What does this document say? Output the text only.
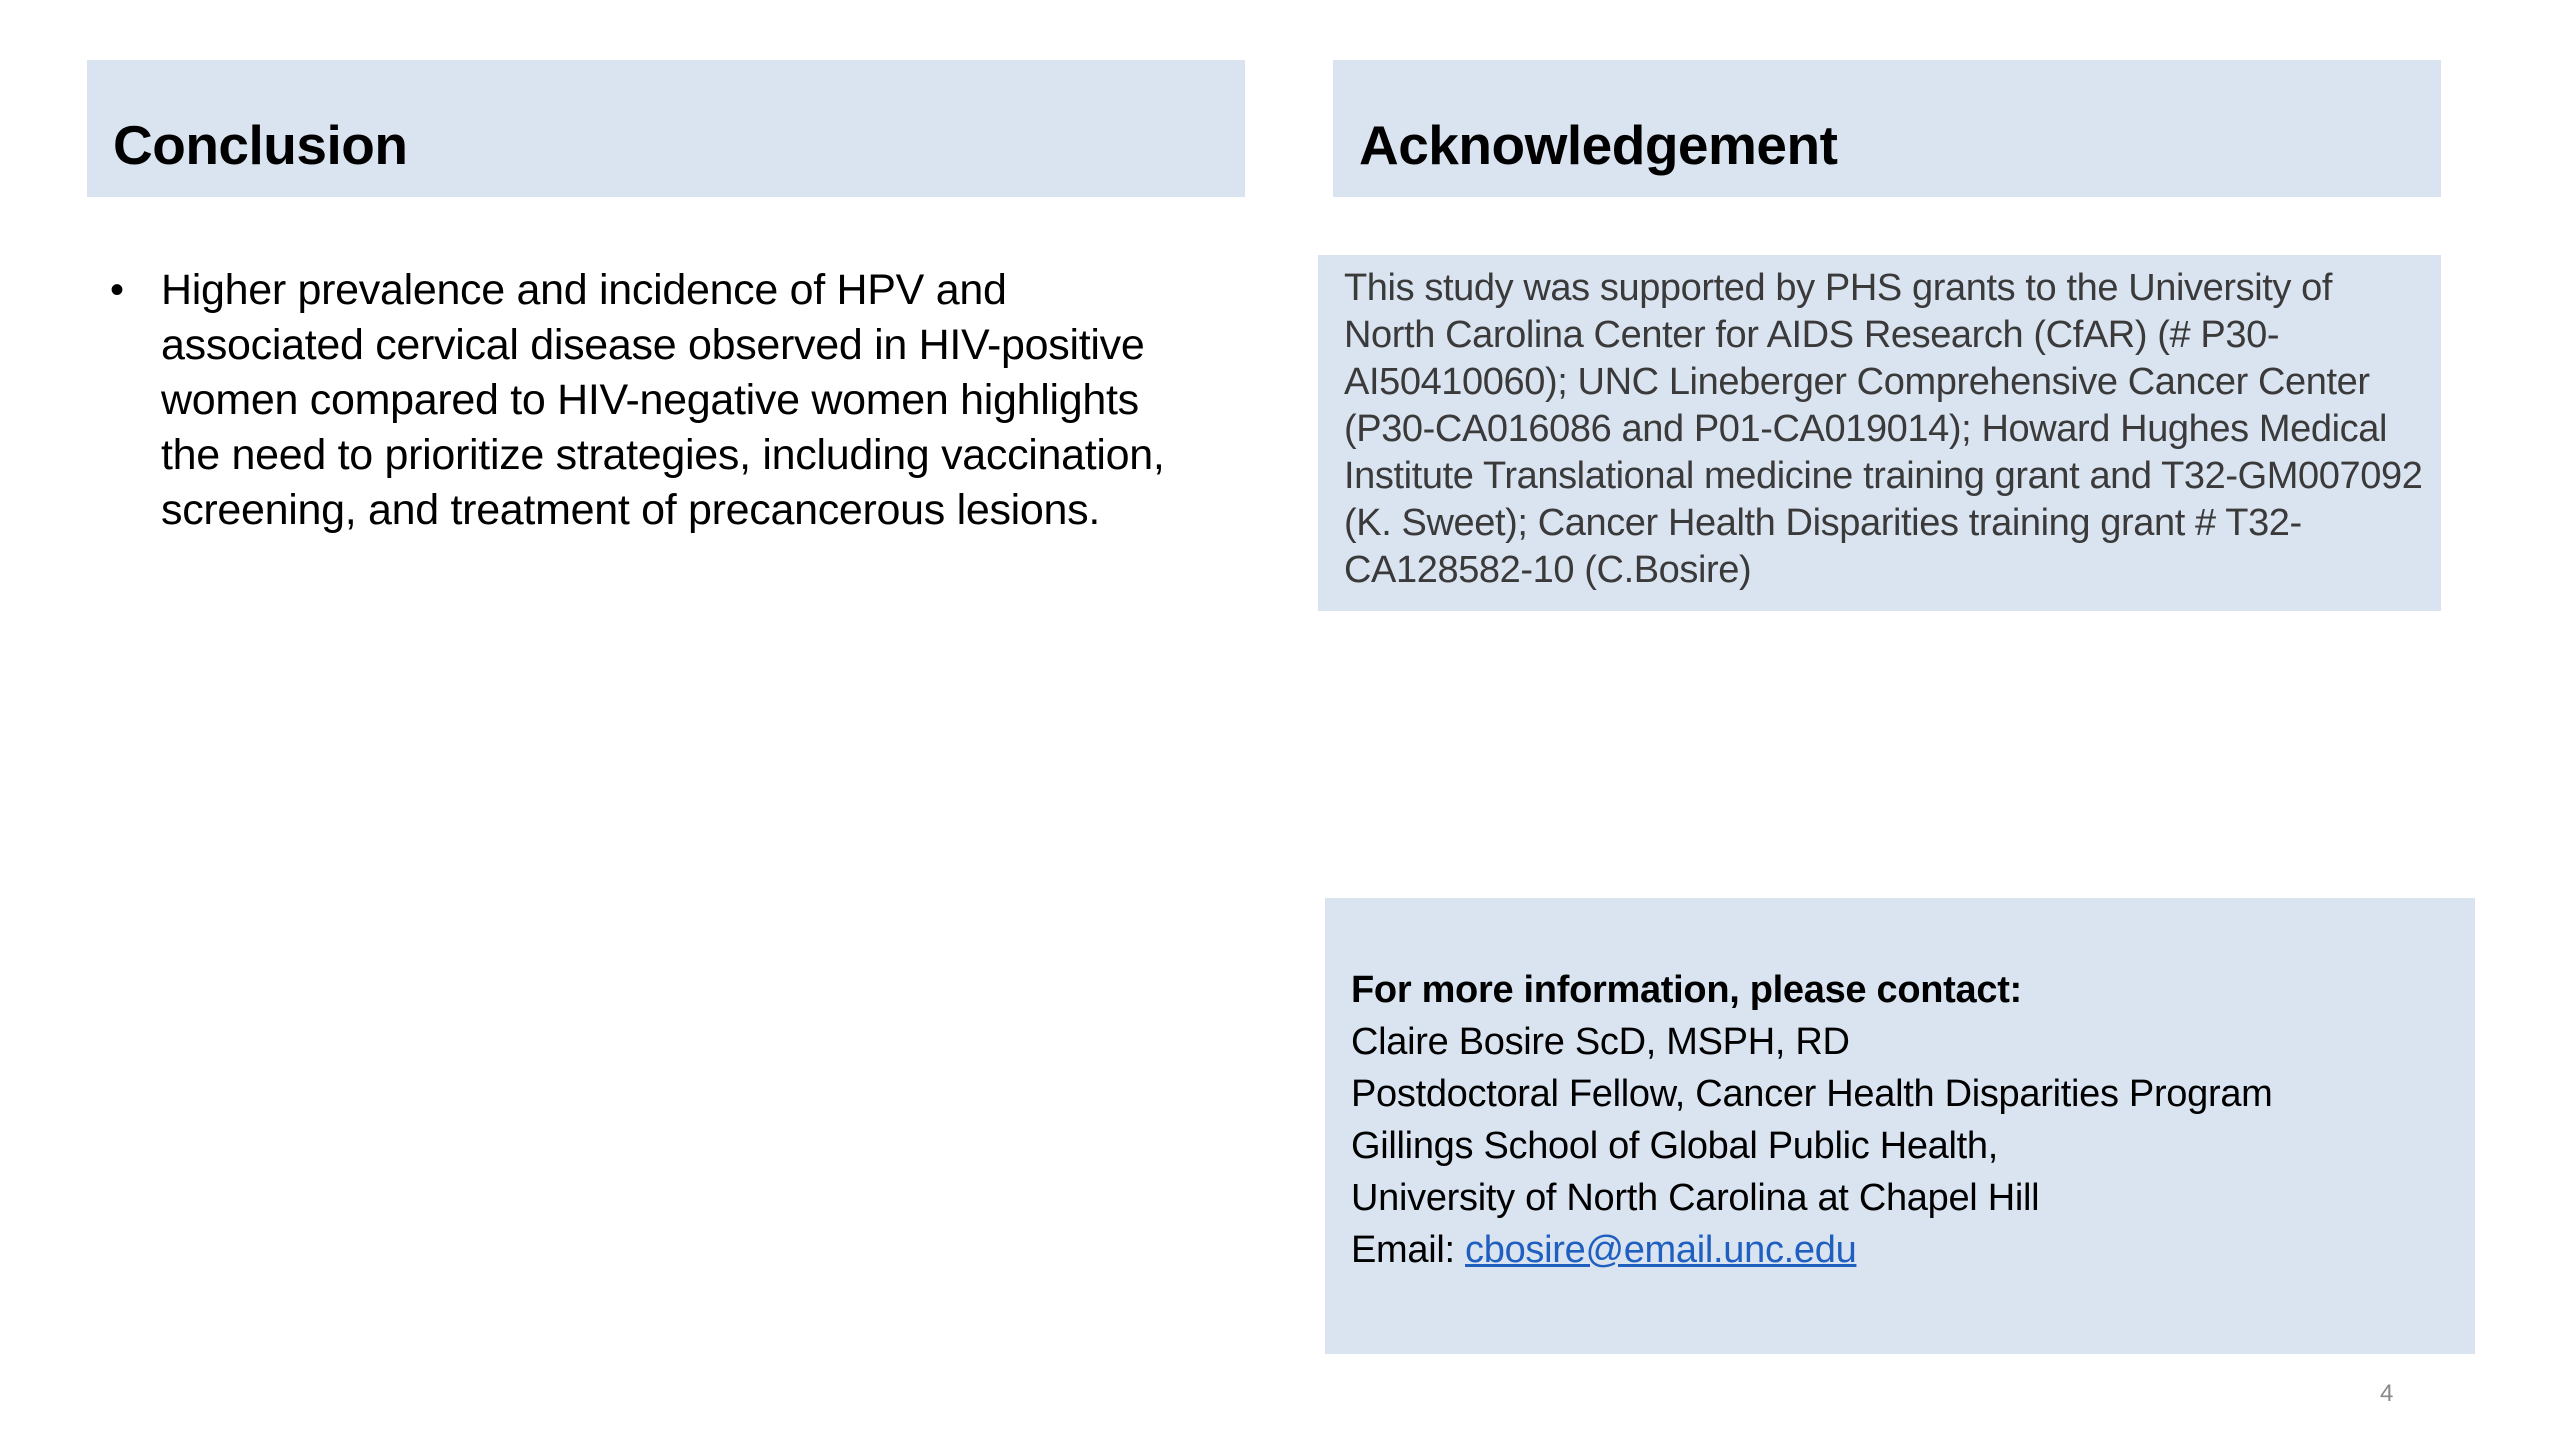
Conclusion	Acknowledgement
• Higher prevalence and incidence of HPV and associated cervical disease observed in HIV-positive women compared to HIV-negative women highlights the need to prioritize strategies, including vaccination, screening, and treatment of precancerous lesions.
This study was supported by PHS grants to the University of North Carolina Center for AIDS Research (CfAR) (# P30-AI50410060); UNC Lineberger Comprehensive Cancer Center (P30-CA016086 and P01-CA019014); Howard Hughes Medical Institute Translational medicine training grant and T32-GM007092 (K. Sweet); Cancer Health Disparities training grant # T32-CA128582-10 (C.Bosire)
For more information, please contact:
Claire Bosire ScD, MSPH, RD
Postdoctoral Fellow, Cancer Health Disparities Program
Gillings School of Global Public Health,
University of North Carolina at Chapel Hill
Email: cbosire@email.unc.edu
4
